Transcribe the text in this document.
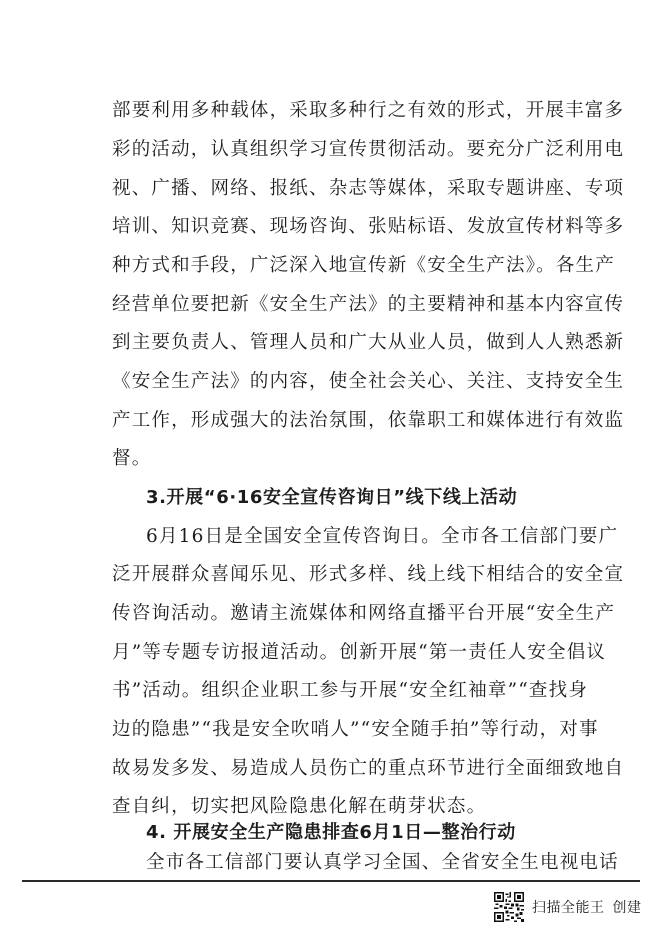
部要利用多种载体，采取多种行之有效的形式，开展丰富多
彩的活动，认真组织学习宣传贯彻活动。要充分广泛利用电
视、广播、网络、报纸、杂志等媒体，采取专题讲座、专项
培训、知识竞赛、现场咨询、张贴标语、发放宣传材料等多
种方式和手段，广泛深入地宣传新《安全生产法》。各生产
经营单位要把新《安全生产法》的主要精神和基本内容宣传
到主要负责人、管理人员和广大从业人员，做到人人熟悉新
《安全生产法》的内容，使全社会关心、关注、支持安全生
产工作，形成强大的法治氛围，依靠职工和媒体进行有效监
督。
3.开展“6·16安全宣传咨询日”线下线上活动
6月16日是全国安全宣传咨询日。全市各工信部门要广
泛开展群众喜闻乐见、形式多样、线上线下相结合的安全宣
传咨询活动。邀请主流媒体和网络直播平台开展“安全生产
月”等专题专访报道活动。创新开展“第一责任人安全倡议
书”活动。组织企业职工参与开展“安全红袖章”“查找身
边的隐患”“我是安全吹哨人”“安全随手拍”等行动，对事
故易发多发、易造成人员伤亡的重点环节进行全面细致地自
查自纠，切实把风险隐患化解在萌芽状态。
4. 开展安全生产隐患排查6月1日—整治行动
全市各工信部门要认真学习全国、全省安全生电视电话
扫描全能王 创建
